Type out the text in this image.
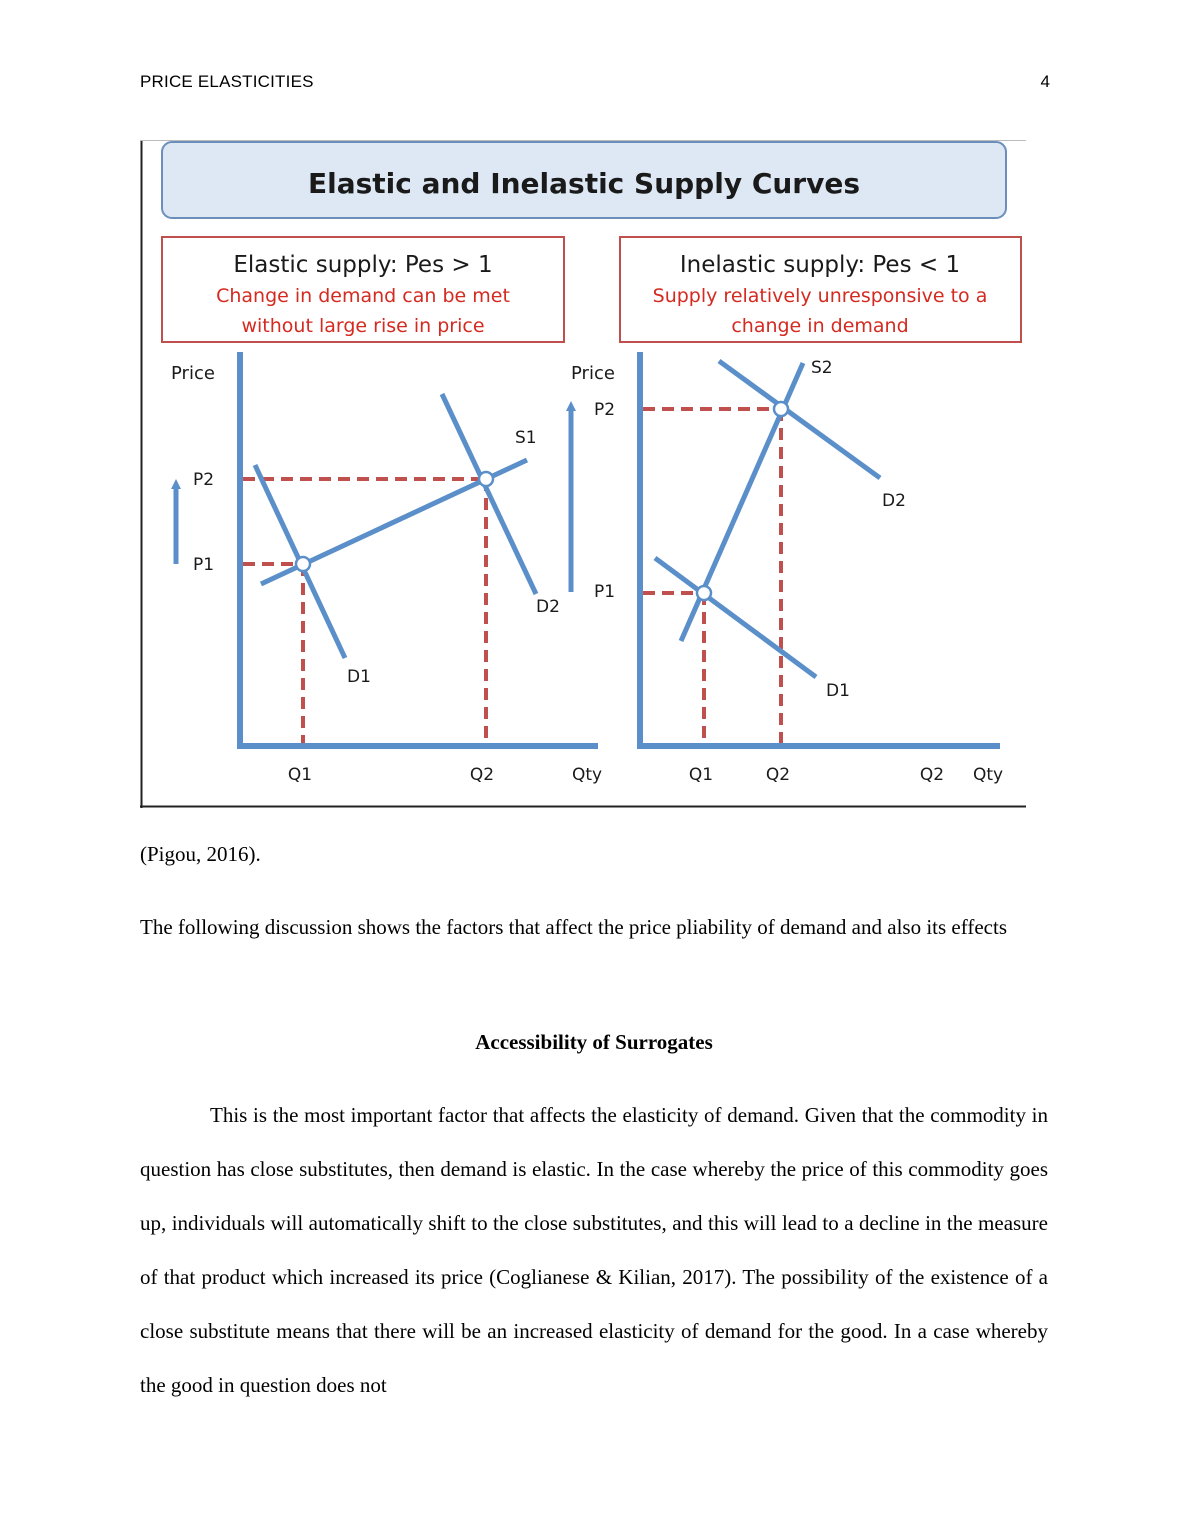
PRICE ELASTICITIES	4
Elastic and Inelastic Supply Curves
Elastic supply: Pes > 1
Change in demand can be met
without large rise in price
Inelastic supply: Pes < 1
Supply relatively unresponsive to a
change in demand
Price
P2
P1
S1
D1
D2
Q1	Q2	Qty
Price
P2
P1
S2
D2
D1
Q1	Q2	Q2 Qty
(Pigou, 2016).
The following discussion shows the factors that affect the price pliability of demand and also its effects
Accessibility of Surrogates
This is the most important factor that affects the elasticity of demand. Given that the commodity in question has close substitutes, then demand is elastic. In the case whereby the price of this commodity goes up, individuals will automatically shift to the close substitutes, and this will lead to a decline in the measure of that product which increased its price (Coglianese & Kilian, 2017). The possibility of the existence of a close substitute means that there will be an increased elasticity of demand for the good. In a case whereby the good in question does not
